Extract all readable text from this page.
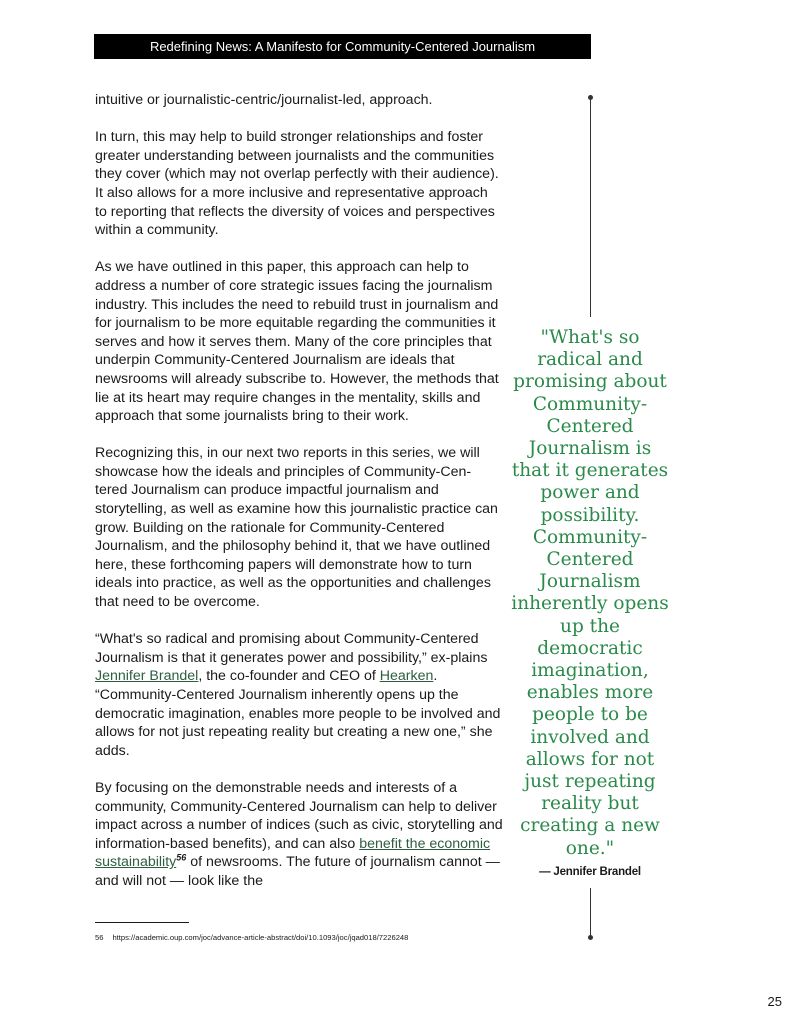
Redefining News: A Manifesto for Community-Centered Journalism

intuitive or journalistic-centric/journalist-led, approach.

In turn, this may help to build stronger relationships and foster greater understanding between journalists and the communities they cover (which may not overlap perfectly with their audience). It also allows for a more inclusive and representative approach to reporting that reflects the diversity of voices and perspectives within a community.

As we have outlined in this paper, this approach can help to address a number of core strategic issues facing the journalism industry. This includes the need to rebuild trust in journalism and for journalism to be more equitable regarding the communities it serves and how it serves them. Many of the core principles that underpin Community-Centered Journalism are ideals that newsrooms will already subscribe to. However, the methods that lie at its heart may require changes in the mentality, skills and approach that some journalists bring to their work.

Recognizing this, in our next two reports in this series, we will showcase how the ideals and principles of Community-Cen-tered Journalism can produce impactful journalism and storytelling, as well as examine how this journalistic practice can grow. Building on the rationale for Community-Centered Journalism, and the philosophy behind it, that we have outlined here, these forthcoming papers will demonstrate how to turn ideals into practice, as well as the opportunities and challenges that need to be overcome.

“What's so radical and promising about Community-Centered Journalism is that it generates power and possibility,” ex-plains Jennifer Brandel, the co-founder and CEO of Hearken. “Community-Centered Journalism inherently opens up the democratic imagination, enables more people to be involved and allows for not just repeating reality but creating a new one,” she adds.

By focusing on the demonstrable needs and interests of a community, Community-Centered Journalism can help to deliver impact across a number of indices (such as civic, storytelling and information-based benefits), and can also benefit the economic sustainability$^{56}$ of newsrooms. The future of journalism cannot — and will not — look like the

"What's so radical and promising about Community-Centered Journalism is that it generates power and possibility. Community-Centered Journalism inherently opens up the democratic imagination, enables more people to be involved and allows for not just repeating reality but creating a new one."
— Jennifer Brandel
56 https://academic.oup.com/joc/advance-article-abstract/doi/10.1093/joc/jqad018/7226248
25
